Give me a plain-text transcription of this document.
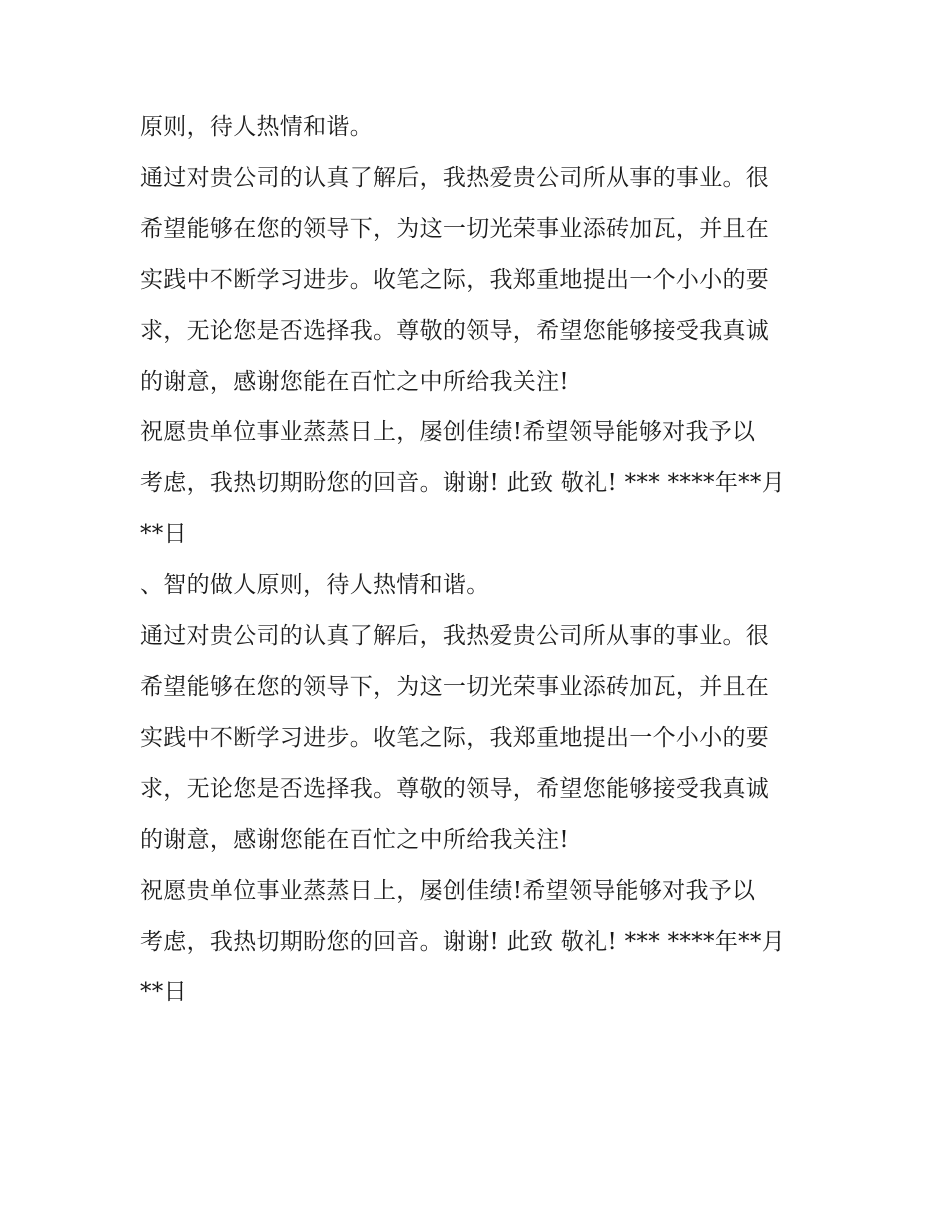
原则，待人热情和谐。

通过对贵公司的认真了解后，我热爱贵公司所从事的事业。很

希望能够在您的领导下，为这一切光荣事业添砖加瓦，并且在

实践中不断学习进步。收笔之际，我郑重地提出一个小小的要

求，无论您是否选择我。尊敬的领导，希望您能够接受我真诚

的谢意，感谢您能在百忙之中所给我关注!

祝愿贵单位事业蒸蒸日上，屡创佳绩!希望领导能够对我予以

考虑，我热切期盼您的回音。谢谢! 此致 敬礼! *** ****年**月

**日

、智的做人原则，待人热情和谐。

通过对贵公司的认真了解后，我热爱贵公司所从事的事业。很

希望能够在您的领导下，为这一切光荣事业添砖加瓦，并且在

实践中不断学习进步。收笔之际，我郑重地提出一个小小的要

求，无论您是否选择我。尊敬的领导，希望您能够接受我真诚

的谢意，感谢您能在百忙之中所给我关注!

祝愿贵单位事业蒸蒸日上，屡创佳绩!希望领导能够对我予以

考虑，我热切期盼您的回音。谢谢! 此致 敬礼! *** ****年**月

**日
